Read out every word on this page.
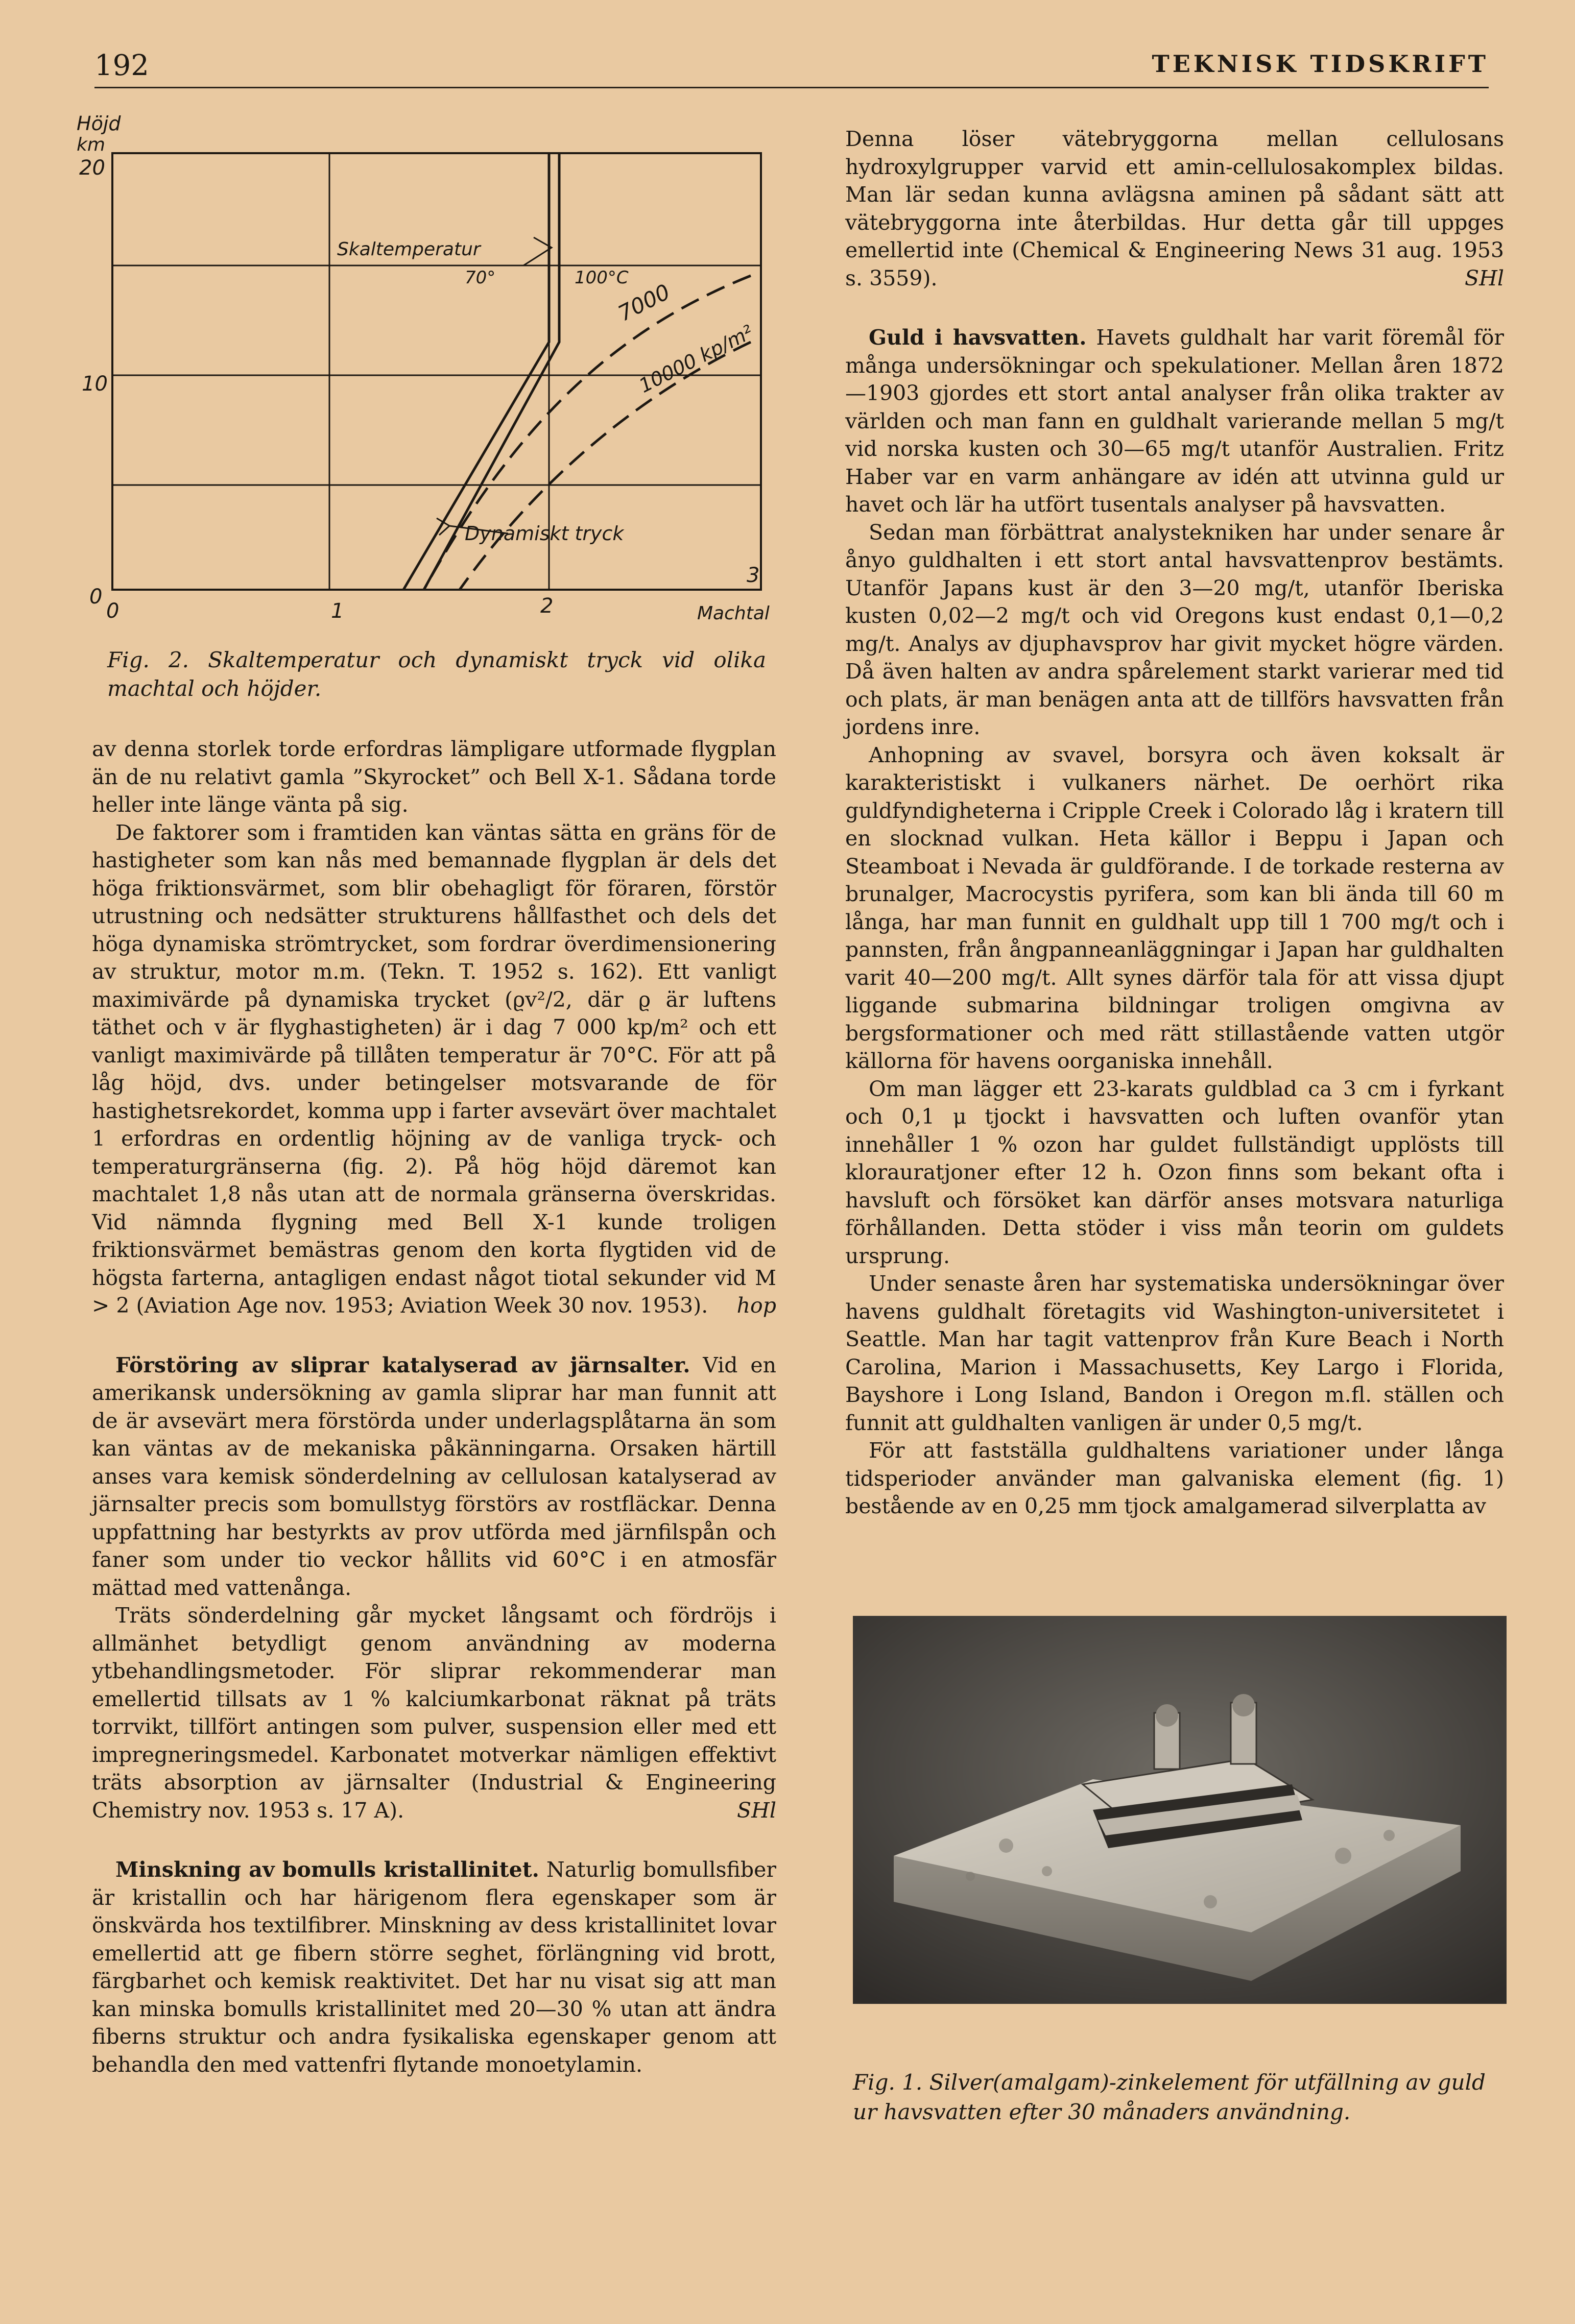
192	TEKNISK TIDSKRIFT
Höjd
km
20
10
0
0	1	2
3
Machtal
Skaltemperatur
70°	100°C
7000
10000 kp/m²
Dynamiskt tryck
Fig. 2. Skaltemperatur och dynamiskt tryck vid olika machtal och höjder.

av denna storlek torde erfordras lämpligare utformade flygplan än de nu relativt gamla ”Skyrocket” och Bell X-1. Sådana torde heller inte länge vänta på sig.

De faktorer som i framtiden kan väntas sätta en gräns för de hastigheter som kan nås med bemannade flygplan är dels det höga friktionsvärmet, som blir obehagligt för föraren, förstör utrustning och nedsätter strukturens hållfasthet och dels det höga dynamiska strömtrycket, som fordrar överdimensionering av struktur, motor m.m. (Tekn. T. 1952 s. 162). Ett vanligt maximivärde på dynamiska trycket (ϱv²/2, där ϱ är luftens täthet och v är flyghastigheten) är i dag 7 000 kp/m² och ett vanligt maximivärde på tillåten temperatur är 70°C. För att på låg höjd, dvs. under betingelser motsvarande de för hastighetsrekordet, komma upp i farter avsevärt över machtalet 1 erfordras en ordentlig höjning av de vanliga tryck- och temperaturgränserna (fig. 2). På hög höjd däremot kan machtalet 1,8 nås utan att de normala gränserna överskridas. Vid nämnda flygning med Bell X-1 kunde troligen friktionsvärmet bemästras genom den korta flygtiden vid de högsta farterna, antagligen endast något tiotal sekunder vid M > 2 (Aviation Age nov. 1953; Aviation Week 30 nov. 1953).	hop

Förstöring av sliprar katalyserad av järnsalter. Vid en amerikansk undersökning av gamla sliprar har man funnit att de är avsevärt mera förstörda under underlagsplåtarna än som kan väntas av de mekaniska påkänningarna. Orsaken härtill anses vara kemisk sönderdelning av cellulosan katalyserad av järnsalter precis som bomullstyg förstörs av rostfläckar. Denna uppfattning har bestyrkts av prov utförda med järnfilspån och faner som under tio veckor hållits vid 60°C i en atmosfär mättad med vattenånga.

Träts sönderdelning går mycket långsamt och fördröjs i allmänhet betydligt genom användning av moderna ytbehandlingsmetoder. För sliprar rekommenderar man emellertid tillsats av 1 % kalciumkarbonat räknat på träts torrvikt, tillfört antingen som pulver, suspension eller med ett impregneringsmedel. Karbonatet motverkar nämligen effektivt träts absorption av järnsalter (Industrial & Engineering Chemistry nov. 1953 s. 17 A).	SHl

Minskning av bomulls kristallinitet. Naturlig bomullsfiber är kristallin och har härigenom flera egenskaper som är önskvärda hos textilfibrer. Minskning av dess kristallinitet lovar emellertid att ge fibern större seghet, förlängning vid brott, färgbarhet och kemisk reaktivitet. Det har nu visat sig att man kan minska bomulls kristallinitet med 20—30 % utan att ändra fiberns struktur och andra fysikaliska egenskaper genom att behandla den med vattenfri flytande monoetylamin.

Denna löser vätebryggorna mellan cellulosans hydroxylgrupper varvid ett amin-cellulosakomplex bildas. Man lär sedan kunna avlägsna aminen på sådant sätt att vätebryggorna inte återbildas. Hur detta går till uppges emellertid inte (Chemical & Engineering News 31 aug. 1953 s. 3559).	SHl

Guld i havsvatten. Havets guldhalt har varit föremål för många undersökningar och spekulationer. Mellan åren 1872—1903 gjordes ett stort antal analyser från olika trakter av världen och man fann en guldhalt varierande mellan 5 mg/t vid norska kusten och 30—65 mg/t utanför Australien. Fritz Haber var en varm anhängare av idén att utvinna guld ur havet och lär ha utfört tusentals analyser på havsvatten.

Sedan man förbättrat analystekniken har under senare år ånyo guldhalten i ett stort antal havsvattenprov bestämts. Utanför Japans kust är den 3—20 mg/t, utanför Iberiska kusten 0,02—2 mg/t och vid Oregons kust endast 0,1—0,2 mg/t. Analys av djuphavsprov har givit mycket högre värden. Då även halten av andra spårelement starkt varierar med tid och plats, är man benägen anta att de tillförs havsvatten från jordens inre.

Anhopning av svavel, borsyra och även koksalt är karakteristiskt i vulkaners närhet. De oerhört rika guldfyndigheterna i Cripple Creek i Colorado låg i kratern till en slocknad vulkan. Heta källor i Beppu i Japan och Steamboat i Nevada är guldförande. I de torkade resterna av brunalger, Macrocystis pyrifera, som kan bli ända till 60 m långa, har man funnit en guldhalt upp till 1 700 mg/t och i pannsten, från ångpanneanläggningar i Japan har guldhalten varit 40—200 mg/t. Allt synes därför tala för att vissa djupt liggande submarina bildningar troligen omgivna av bergsformationer och med rätt stillastående vatten utgör källorna för havens oorganiska innehåll.

Om man lägger ett 23-karats guldblad ca 3 cm i fyrkant och 0,1 μ tjockt i havsvatten och luften ovanför ytan innehåller 1 % ozon har guldet fullständigt upplösts till klorauratjoner efter 12 h. Ozon finns som bekant ofta i havsluft och försöket kan därför anses motsvara naturliga förhållanden. Detta stöder i viss mån teorin om guldets ursprung.

Under senaste åren har systematiska undersökningar över havens guldhalt företagits vid Washington-universitetet i Seattle. Man har tagit vattenprov från Kure Beach i North Carolina, Marion i Massachusetts, Key Largo i Florida, Bayshore i Long Island, Bandon i Oregon m.fl. ställen och funnit att guldhalten vanligen är under 0,5 mg/t.

För att fastställa guldhaltens variationer under långa tidsperioder använder man galvaniska element (fig. 1) bestående av en 0,25 mm tjock amalgamerad silverplatta av

Fig. 1. Silver(amalgam)-zinkelement för utfällning av guld ur havsvatten efter 30 månaders användning.
